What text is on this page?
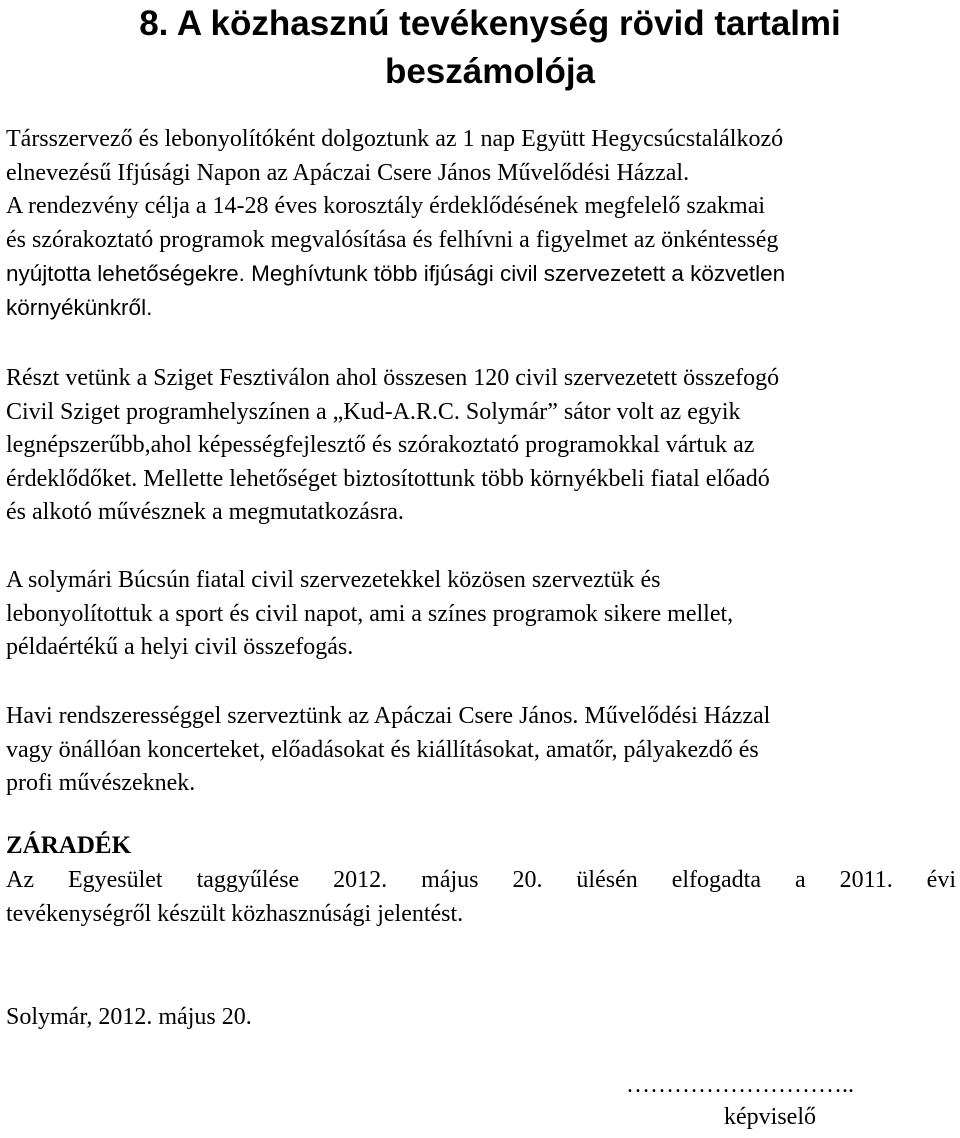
8. A közhasznú tevékenység rövid tartalmi
beszámolója

Társszervező és lebonyolítóként dolgoztunk az 1 nap Együtt Hegycsúcstalálkozó
elnevezésű Ifjúsági Napon az Apáczai Csere János Művelődési Házzal.
A rendezvény célja a 14-28 éves korosztály érdeklődésének megfelelő szakmai
és szórakoztató programok megvalósítása és felhívni a figyelmet az önkéntesség
nyújtotta lehetőségekre. Meghívtunk több ifjúsági civil szervezetett a közvetlen
környékünkről.

Részt vetünk a Sziget Fesztiválon ahol összesen 120 civil szervezetett összefogó
Civil Sziget programhelyszínen a „Kud-A.R.C. Solymár” sátor volt az egyik
legnépszerűbb,ahol képességfejlesztő és szórakoztató programokkal vártuk az
érdeklődőket. Mellette lehetőséget biztosítottunk több környékbeli fiatal előadó
és alkotó művésznek a megmutatkozásra.

A solymári Búcsún fiatal civil szervezetekkel közösen szerveztük és
lebonyolítottuk a sport és civil napot, ami a színes programok sikere mellet,
példaértékű a helyi civil összefogás.

Havi rendszerességgel szerveztünk az Apáczai Csere János. Művelődési Házzal
vagy önállóan koncerteket, előadásokat és kiállításokat, amatőr, pályakezdő és
profi művészeknek.

ZÁRADÉK

Az Egyesület taggyűlése 2012. május 20. ülésén elfogadta a 2011. évi
tevékenységről készült közhasznúsági jelentést.

Solymár, 2012. május 20.

………………………..
képviselő
